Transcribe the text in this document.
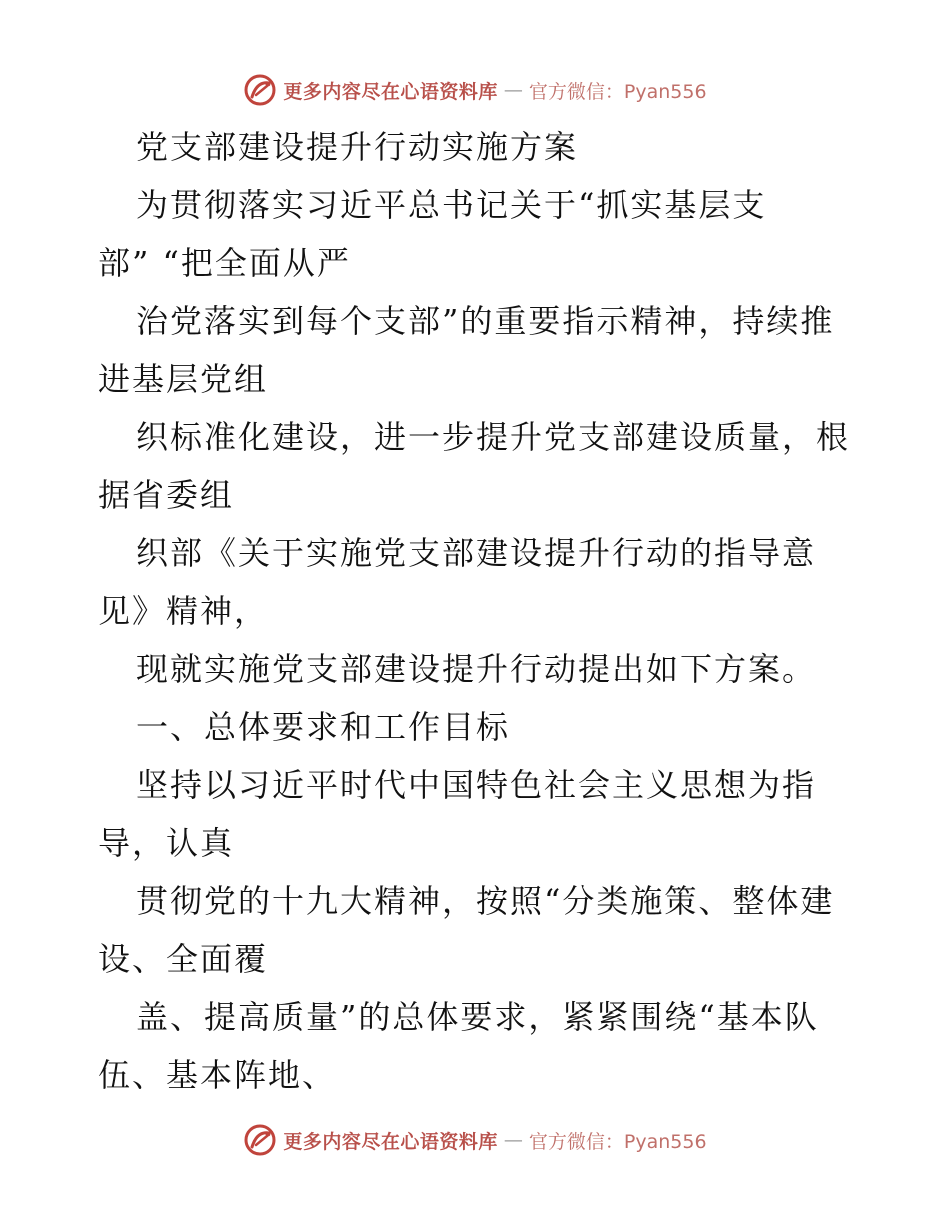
更多内容尽在心语资料库 — 官方微信：Pyan556
党支部建设提升行动实施方案
为贯彻落实习近平总书记关于“抓实基层支
部” “把全面从严
治党落实到每个支部”的重要指示精神，持续推
进基层党组
织标准化建设，进一步提升党支部建设质量，根
据省委组
织部《关于实施党支部建设提升行动的指导意
见》精神，
现就实施党支部建设提升行动提出如下方案。
一、总体要求和工作目标
坚持以习近平时代中国特色社会主义思想为指
导，认真
贯彻党的十九大精神，按照“分类施策、整体建
设、全面覆
盖、提高质量”的总体要求，紧紧围绕“基本队
伍、基本阵地、
更多内容尽在心语资料库 — 官方微信：Pyan556
